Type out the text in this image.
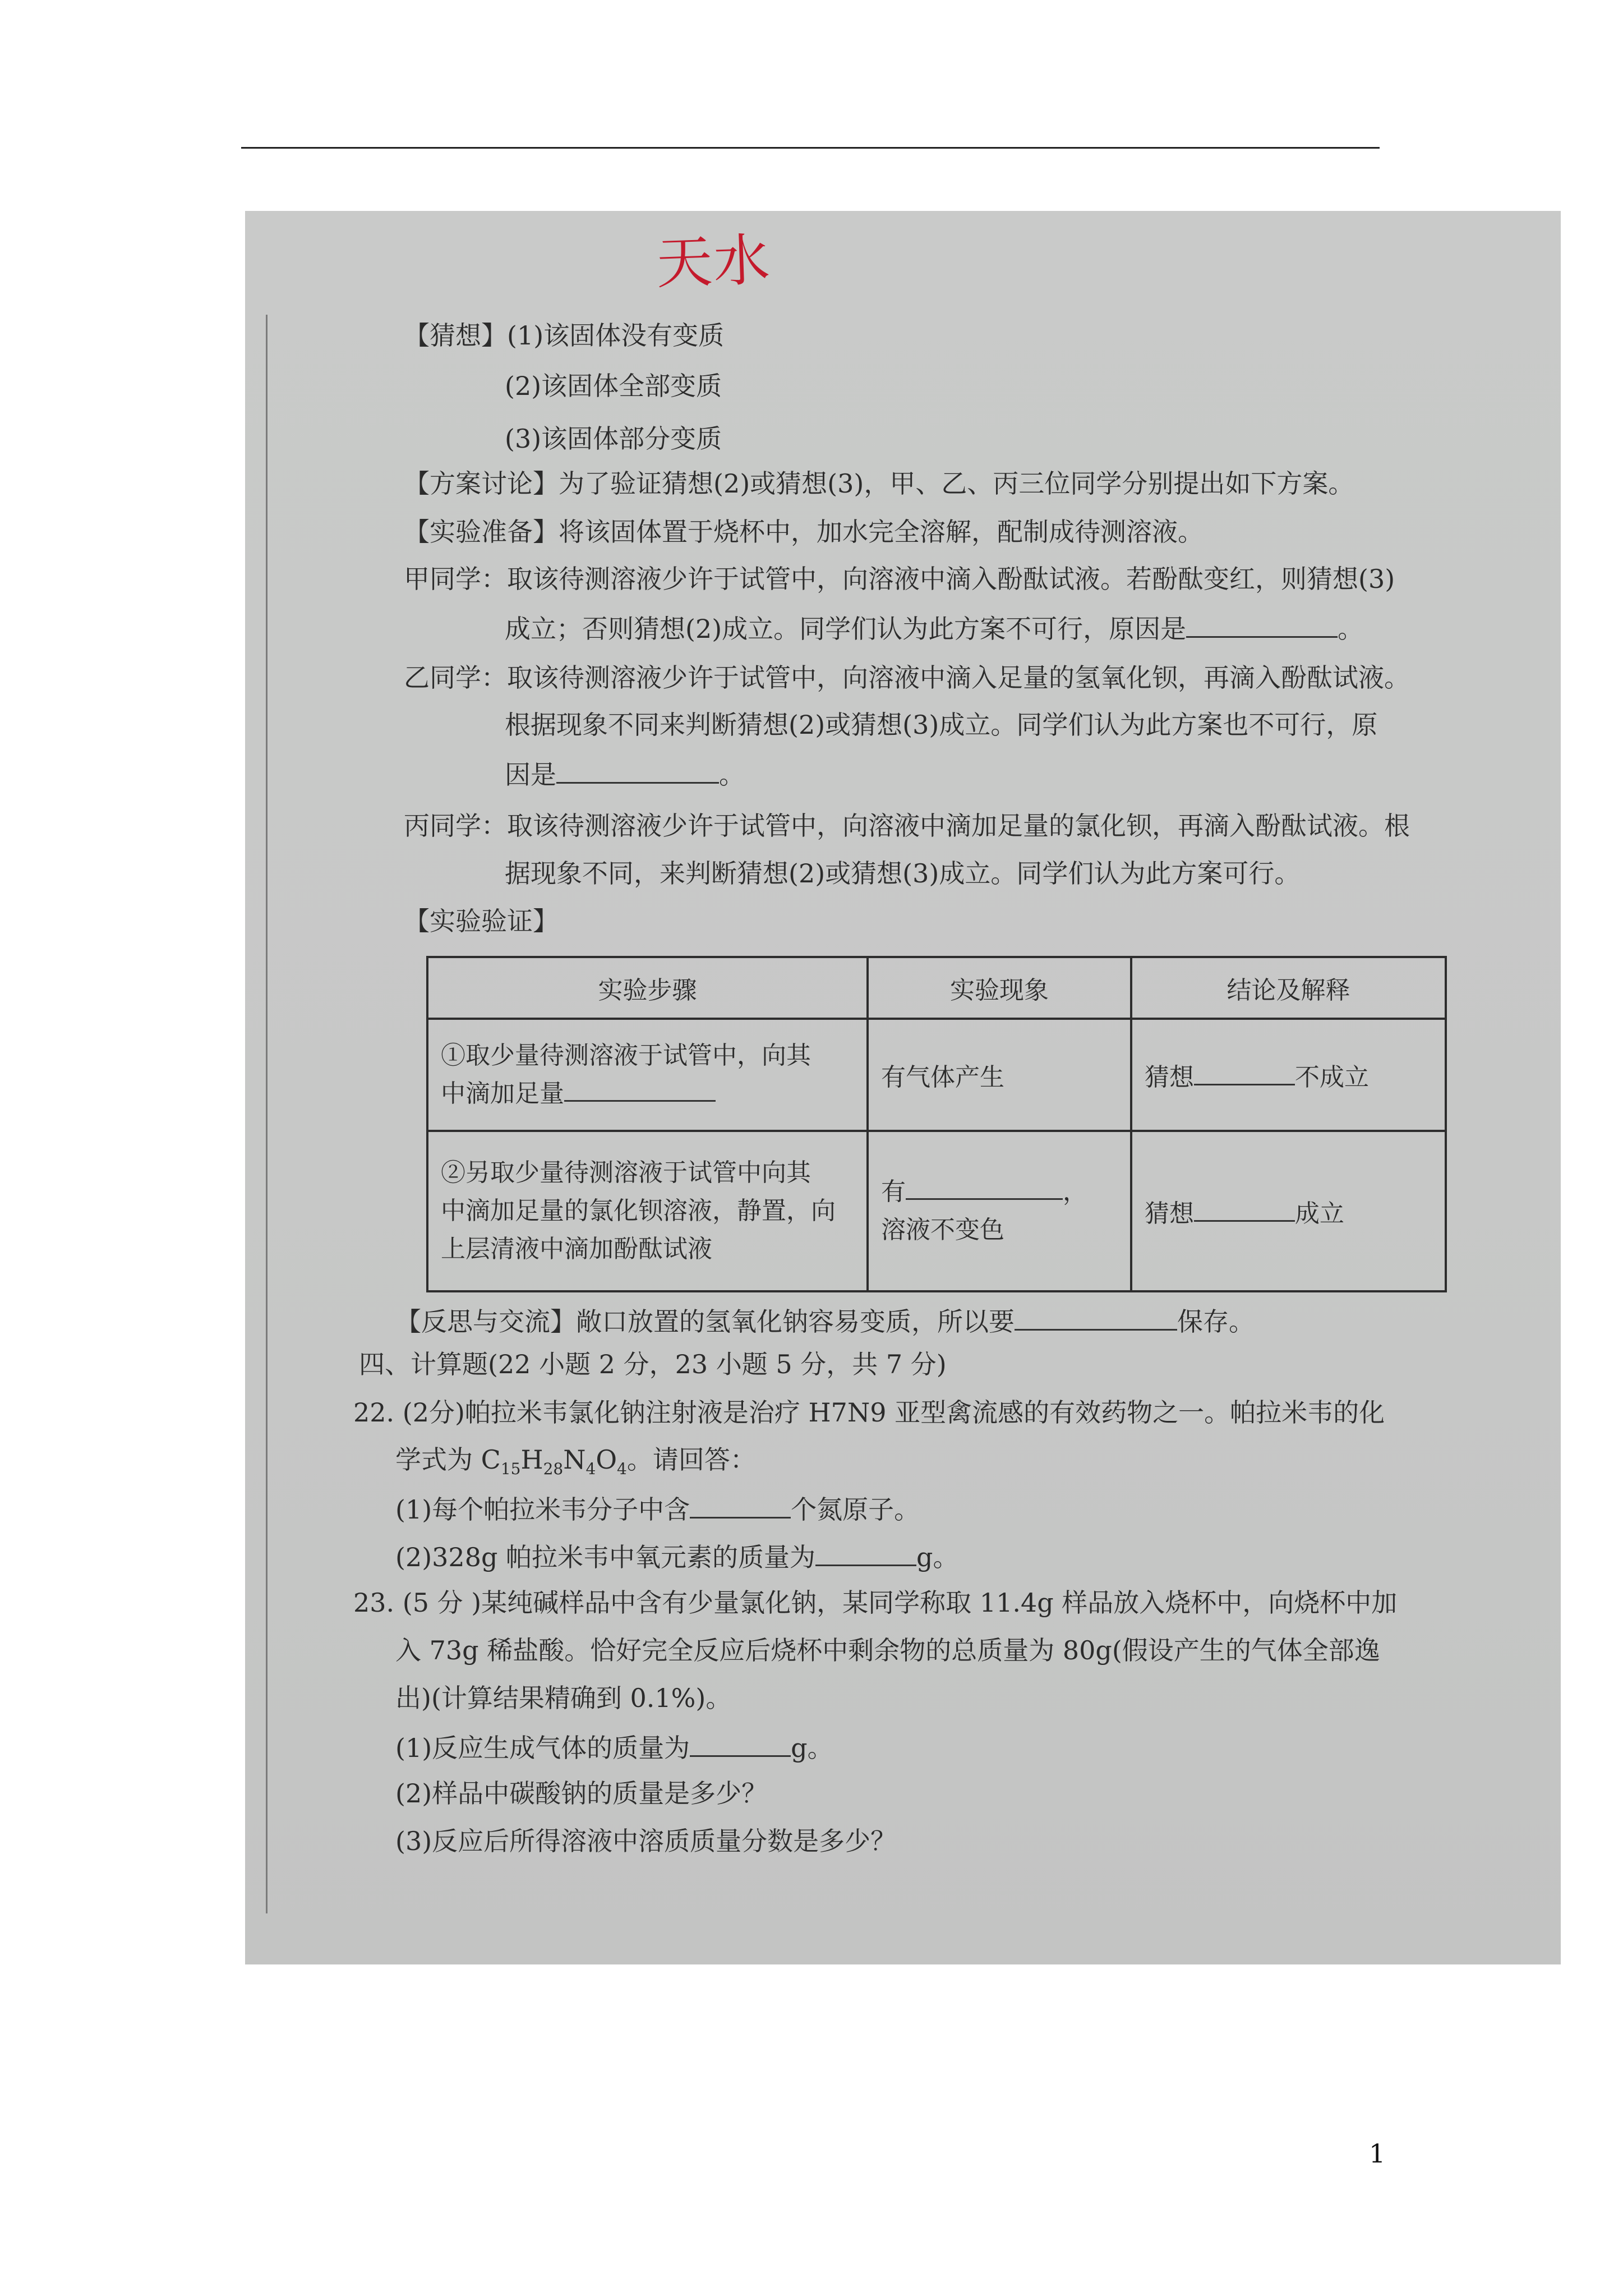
天水
【猜想】(1)该固体没有变质
(2)该固体全部变质
(3)该固体部分变质
【方案讨论】为了验证猜想(2)或猜想(3)，甲、乙、丙三位同学分别提出如下方案。
【实验准备】将该固体置于烧杯中，加水完全溶解，配制成待测溶液。
甲同学：取该待测溶液少许于试管中，向溶液中滴入酚酞试液。若酚酞变红，则猜想(3)
成立；否则猜想(2)成立。同学们认为此方案不可行，原因是	。
乙同学：取该待测溶液少许于试管中，向溶液中滴入足量的氢氧化钡，再滴入酚酞试液。
根据现象不同来判断猜想(2)或猜想(3)成立。同学们认为此方案也不可行，原
因是	。
丙同学：取该待测溶液少许于试管中，向溶液中滴加足量的氯化钡，再滴入酚酞试液。根
据现象不同，来判断猜想(2)或猜想(3)成立。同学们认为此方案可行。
【实验验证】
实验步骤	实验现象	结论及解释

①取少量待测溶液于试管中，向其
中滴加足量	有气体产生	猜想 不成立

②另取少量待测溶液于试管中向其
中滴加足量的氯化钡溶液，静置，向
上层清液中滴加酚酞试液	有 ，
溶液不变色	猜想 成立
【反思与交流】敞口放置的氢氧化钠容易变质，所以要	保存。
四、计算题(22 小题 2 分，23 小题 5 分，共 7 分)
22. (2分)帕拉米韦氯化钠注射液是治疗 H7N9 亚型禽流感的有效药物之一。帕拉米韦的化
学式为 $C_{15}H_{28}N_4O_4$。请回答：
(1)每个帕拉米韦分子中含	个氮原子。
(2)328g 帕拉米韦中氧元素的质量为	g。
23. (5 分 )某纯碱样品中含有少量氯化钠，某同学称取 11.4g 样品放入烧杯中，向烧杯中加
入 73g 稀盐酸。恰好完全反应后烧杯中剩余物的总质量为 80g(假设产生的气体全部逸
出)(计算结果精确到 0.1%)。
(1)反应生成气体的质量为	g。
(2)样品中碳酸钠的质量是多少？
(3)反应后所得溶液中溶质质量分数是多少？
1
